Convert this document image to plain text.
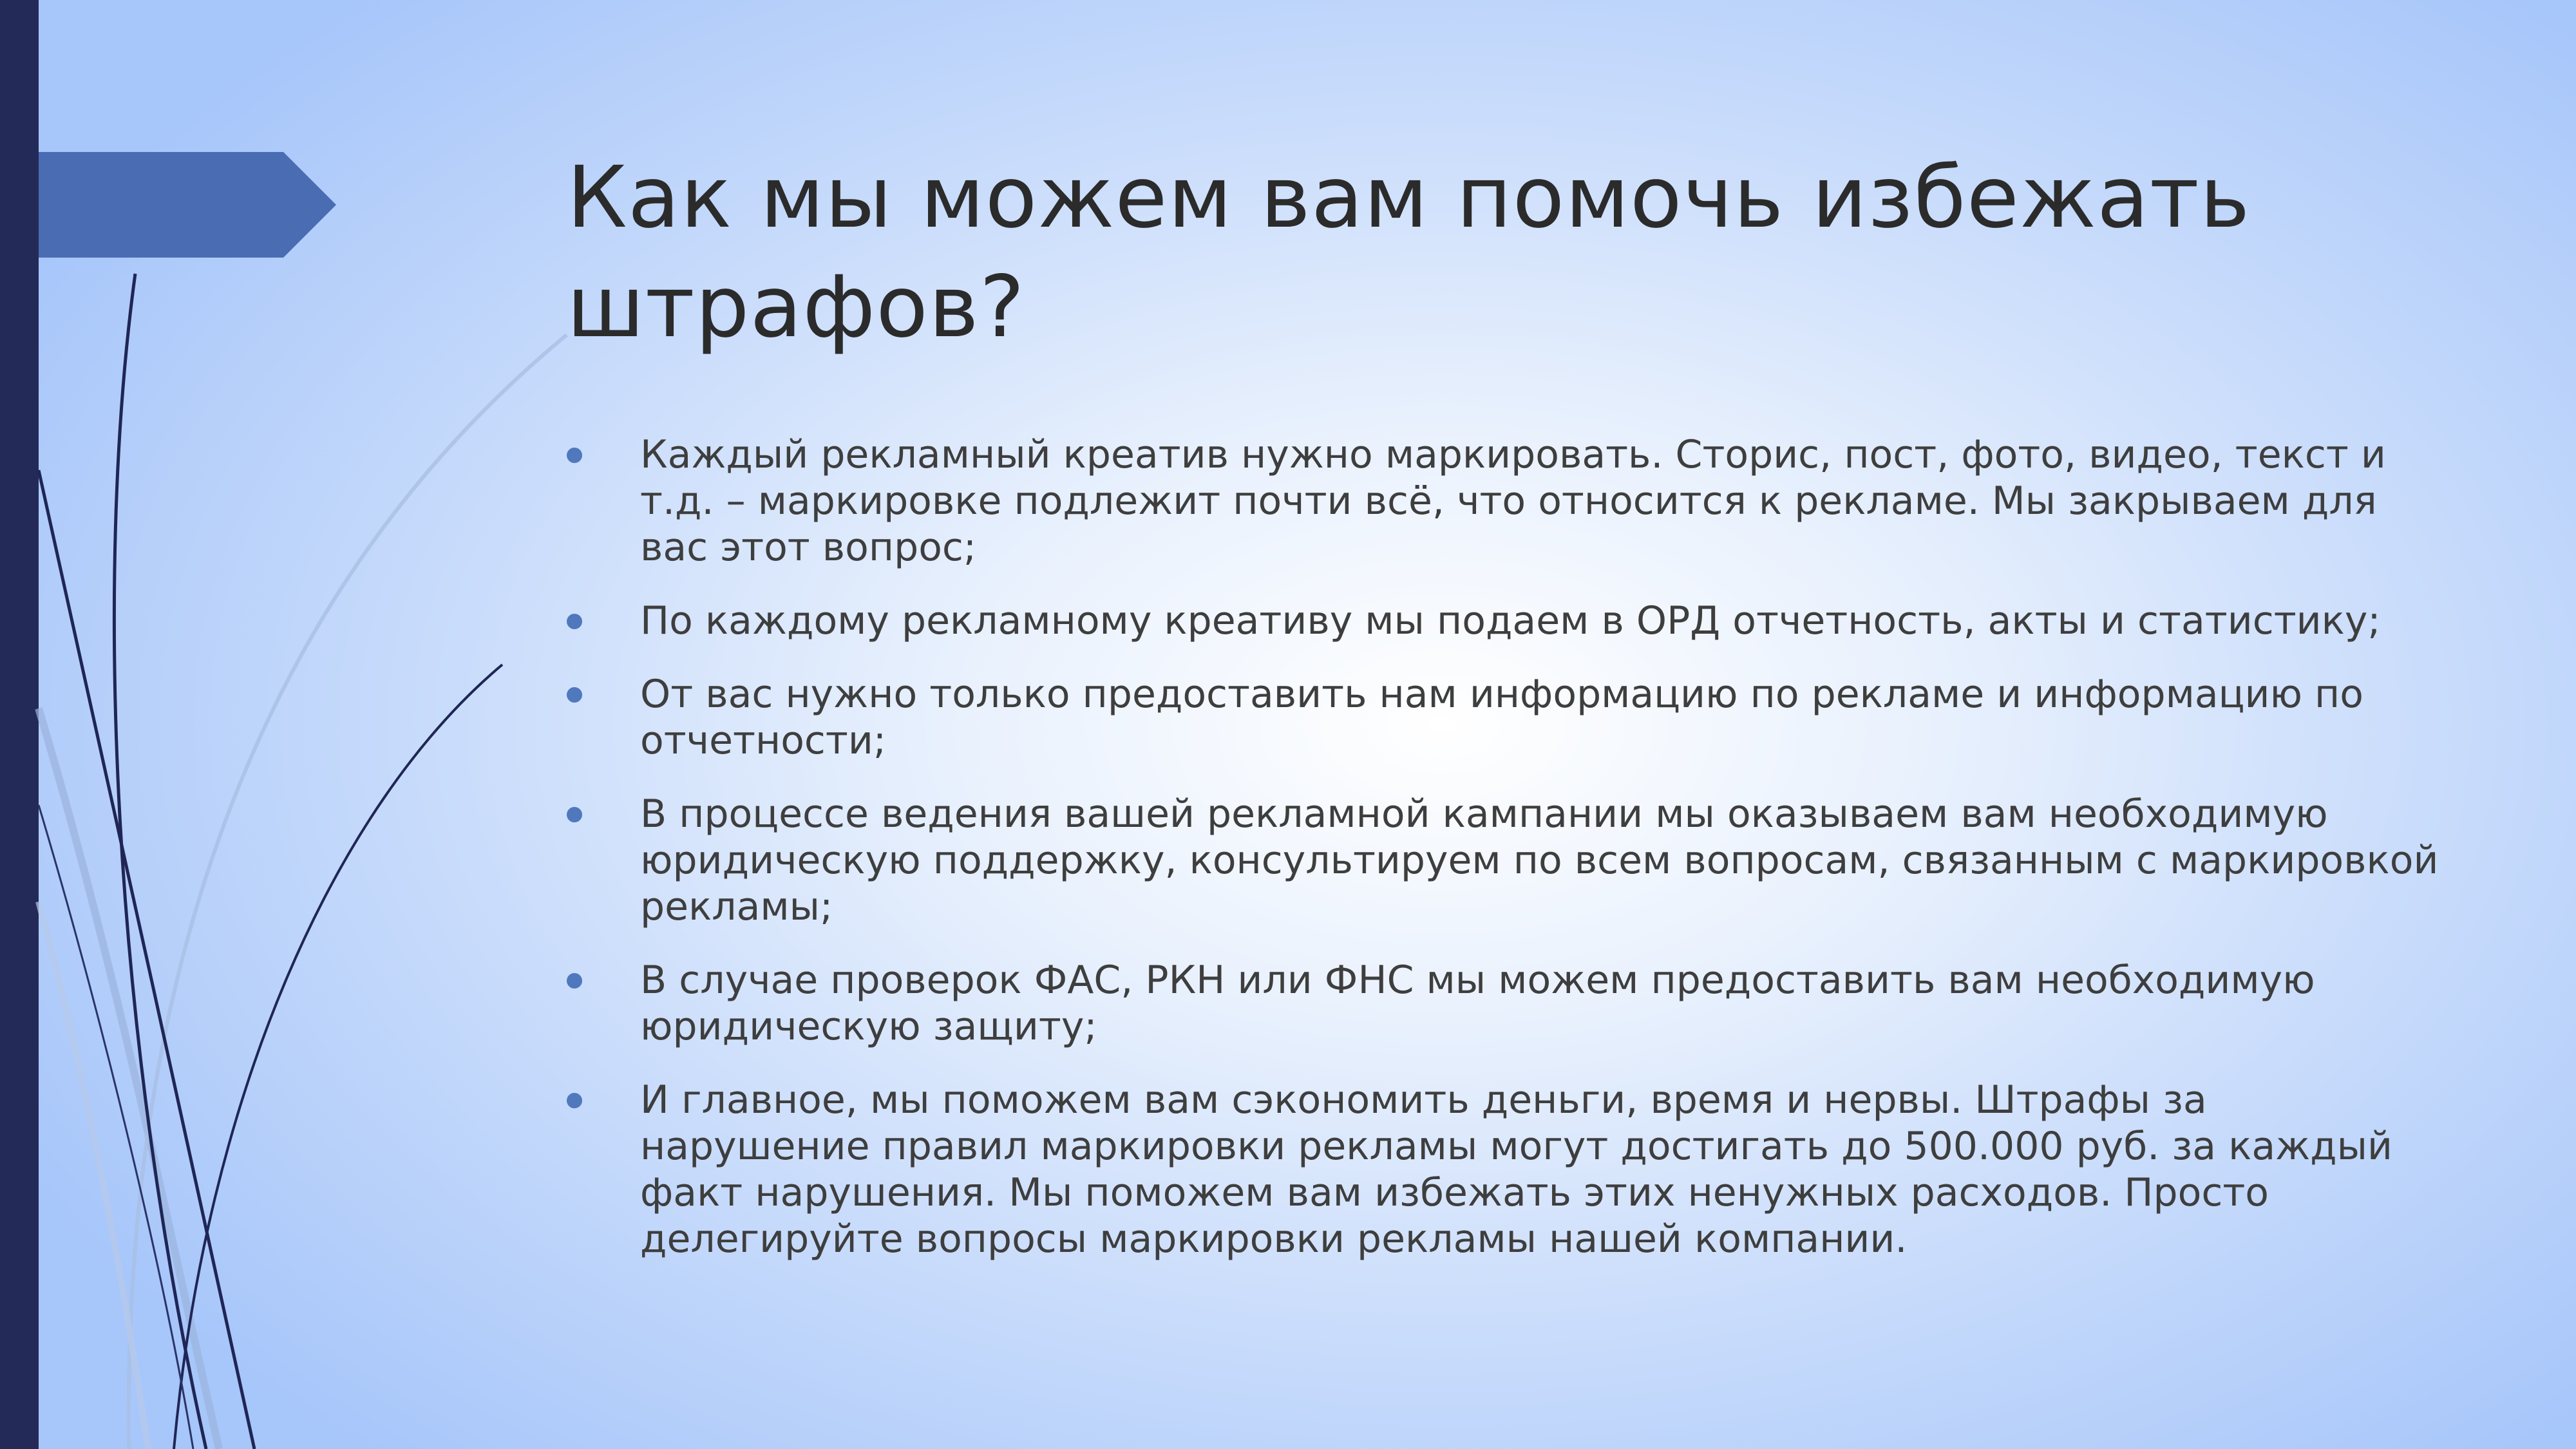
Как мы можем вам помочь избежать штрафов?
Каждый рекламный креатив нужно маркировать. Сторис, пост, фото, видео, текст и т.д. – маркировке подлежит почти всё, что относится к рекламе. Мы закрываем для вас этот вопрос;
По каждому рекламному креативу мы подаем в ОРД отчетность, акты и статистику;
От вас нужно только предоставить нам информацию по рекламе и информацию по отчетности;
В процессе ведения вашей рекламной кампании мы оказываем вам необходимую юридическую поддержку, консультируем по всем вопросам, связанным с маркировкой рекламы;
В случае проверок ФАС, РКН или ФНС мы можем предоставить вам необходимую юридическую защиту;
И главное, мы поможем вам сэкономить деньги, время и нервы. Штрафы за нарушение правил маркировки рекламы могут достигать до 500.000 руб. за каждый факт нарушения. Мы поможем вам избежать этих ненужных расходов. Просто делегируйте вопросы маркировки рекламы нашей компании.
